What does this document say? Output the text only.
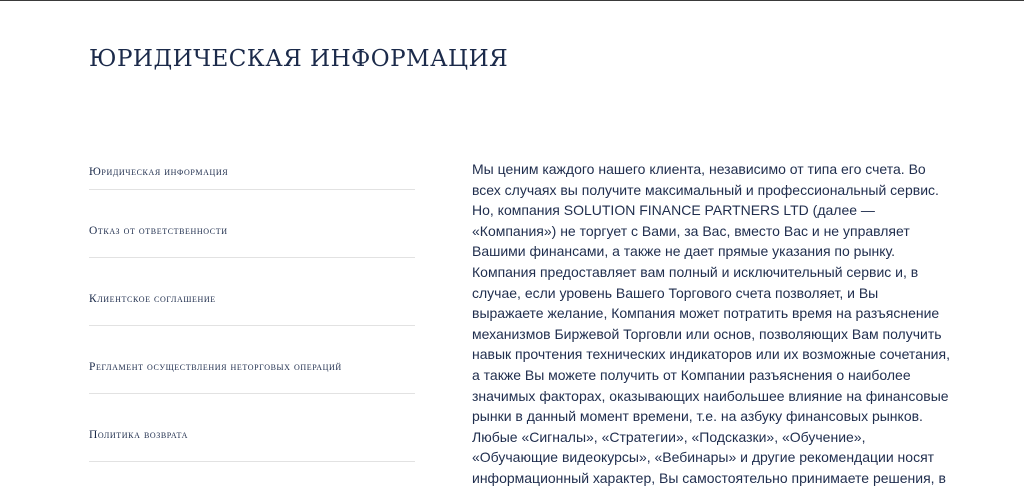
ЮРИДИЧЕСКАЯ ИНФОРМАЦИЯ
Юридическая информация
Отказ от ответственности
Клиентское соглашение
Регламент осуществления неторговых операций
Политика возврата

Мы ценим каждого нашего клиента, независимо от типа его счета. Во всех случаях вы получите максимальный и профессиональный сервис. Но, компания SOLUTION FINANCE PARTNERS LTD (далее — «Компания») не торгует с Вами, за Вас, вместо Вас и не управляет Вашими финансами, а также не дает прямые указания по рынку.

Компания предоставляет вам полный и исключительный сервис и, в случае, если уровень Вашего Торгового счета позволяет, и Вы выражаете желание, Компания может потратить время на разъяснение механизмов Биржевой Торговли или основ, позволяющих Вам получить навык прочтения технических индикаторов или их возможные сочетания, а также Вы можете получить от Компании разъяснения о наиболее значимых факторах, оказывающих наибольшее влияние на финансовые рынки в данный момент времени, т.е. на азбуку финансовых рынков. Любые «Сигналы», «Стратегии», «Подсказки», «Обучение», «Обучающие видеокурсы», «Вебинары» и другие рекомендации носят информационный характер, Вы самостоятельно принимаете решения, в
